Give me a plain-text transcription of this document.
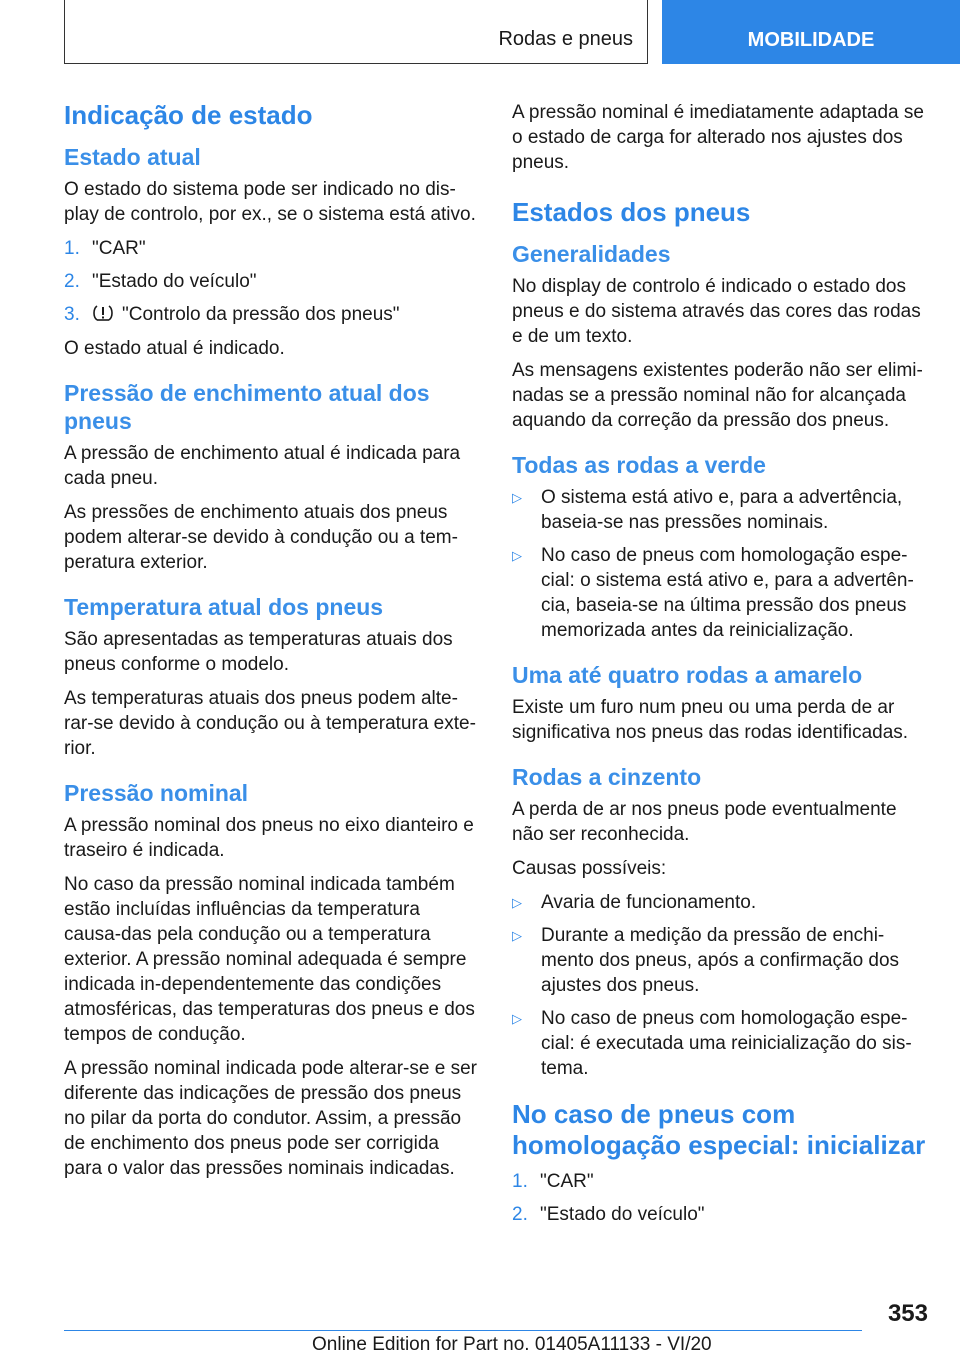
Rodas e pneus	MOBILIDADE
Indicação de estado
Estado atual

O estado do sistema pode ser indicado no dis-play de controlo, por ex., se o sistema está ativo.

1. "CAR"
2. "Estado do veículo"
3.	"Controlo da pressão dos pneus"

O estado atual é indicado.

Pressão de enchimento atual dos pneus

A pressão de enchimento atual é indicada para cada pneu.

As pressões de enchimento atuais dos pneus podem alterar-se devido à condução ou a tem-peratura exterior.

Temperatura atual dos pneus

São apresentadas as temperaturas atuais dos pneus conforme o modelo.

As temperaturas atuais dos pneus podem alte-rar-se devido à condução ou à temperatura exte-rior.

Pressão nominal

A pressão nominal dos pneus no eixo dianteiro e traseiro é indicada.

No caso da pressão nominal indicada também estão incluídas influências da temperatura causa-das pela condução ou a temperatura exterior. A pressão nominal adequada é sempre indicada in-dependentemente das condições atmosféricas, das temperaturas dos pneus e dos tempos de condução.

A pressão nominal indicada pode alterar-se e ser diferente das indicações de pressão dos pneus no pilar da porta do condutor. Assim, a pressão de enchimento dos pneus pode ser corrigida para o valor das pressões nominais indicadas.

A pressão nominal é imediatamente adaptada se o estado de carga for alterado nos ajustes dos pneus.

Estados dos pneus
Generalidades

No display de controlo é indicado o estado dos pneus e do sistema através das cores das rodas e de um texto.

As mensagens existentes poderão não ser elimi-nadas se a pressão nominal não for alcançada aquando da correção da pressão dos pneus.

Todas as rodas a verde
▷	O sistema está ativo e, para a advertência, baseia-se nas pressões nominais.
▷	No caso de pneus com homologação espe-cial: o sistema está ativo e, para a advertên-cia, baseia-se na última pressão dos pneus memorizada antes da reinicialização.
Uma até quatro rodas a amarelo

Existe um furo num pneu ou uma perda de ar significativa nos pneus das rodas identificadas.

Rodas a cinzento

A perda de ar nos pneus pode eventualmente não ser reconhecida.

Causas possíveis:

▷	Avaria de funcionamento.
▷	Durante a medição da pressão de enchi-mento dos pneus, após a confirmação dos ajustes dos pneus.
▷	No caso de pneus com homologação espe-cial: é executada uma reinicialização do sis-tema.
No caso de pneus com homologação especial: inicializar
1. "CAR"
2. "Estado do veículo"
353
Online Edition for Part no. 01405A11133 - VI/20
